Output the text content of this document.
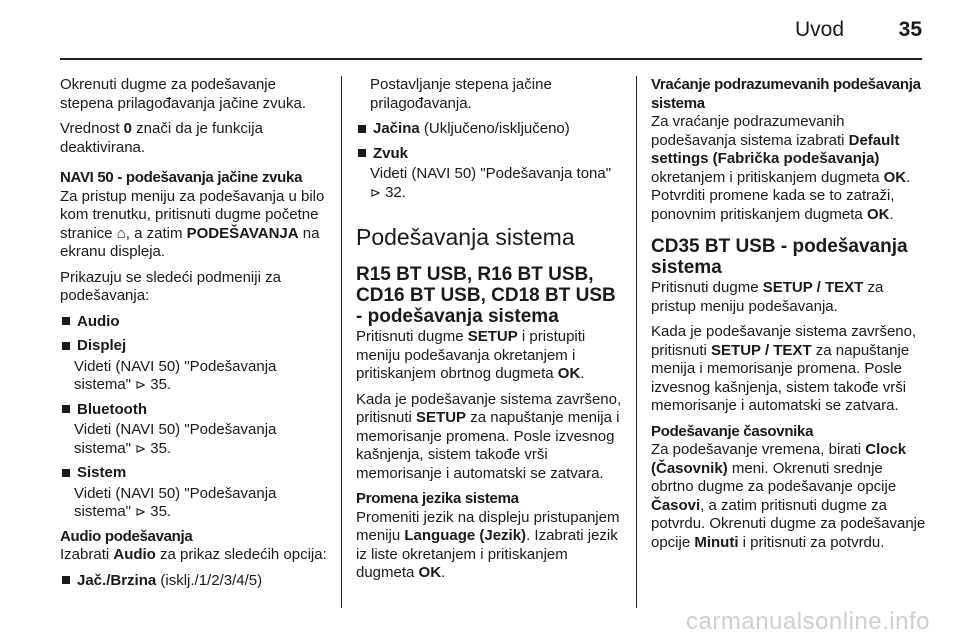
Uvod	35

Okrenuti dugme za podešavanje stepena prilagođavanja jačine zvuka.

Vrednost 0 znači da je funkcija deaktivirana.

NAVI 50 - podešavanja jačine zvuka

Za pristup meniju za podešavanja u bilo kom trenutku, pritisnuti dugme početne stranice ⌂, a zatim PODEŠAVANJA na ekranu displeja.

Prikazuju se sledeći podmeniji za podešavanja:

Audio
Displej
Videti (NAVI 50) "Podešavanja sistema" ⊳ 35.
Bluetooth
Videti (NAVI 50) "Podešavanja sistema" ⊳ 35.
Sistem
Videti (NAVI 50) "Podešavanja sistema" ⊳ 35.
Audio podešavanja

Izabrati Audio za prikaz sledećih opcija:

Jač./Brzina (isklj./1/2/3/4/5)

Postavljanje stepena jačine prilagođavanja.

Jačina (Uključeno/isključeno)
Zvuk
Videti (NAVI 50) "Podešavanja tona" ⊳ 32.
Podešavanja sistema
R15 BT USB, R16 BT USB, CD16 BT USB, CD18 BT USB - podešavanja sistema

Pritisnuti dugme SETUP i pristupiti meniju podešavanja okretanjem i pritiskanjem obrtnog dugmeta OK.

Kada je podešavanje sistema završeno, pritisnuti SETUP za napuštanje menija i memorisanje promena. Posle izvesnog kašnjenja, sistem takođe vrši memorisanje i automatski se zatvara.

Promena jezika sistema

Promeniti jezik na displeju pristupanjem meniju Language (Jezik). Izabrati jezik iz liste okretanjem i pritiskanjem dugmeta OK.

Vraćanje podrazumevanih podešavanja sistema

Za vraćanje podrazumevanih podešavanja sistema izabrati Default settings (Fabrička podešavanja) okretanjem i pritiskanjem dugmeta OK. Potvrditi promene kada se to zatraži, ponovnim pritiskanjem dugmeta OK.

CD35 BT USB - podešavanja sistema

Pritisnuti dugme SETUP / TEXT za pristup meniju podešavanja.

Kada je podešavanje sistema završeno, pritisnuti SETUP / TEXT za napuštanje menija i memorisanje promena. Posle izvesnog kašnjenja, sistem takođe vrši memorisanje i automatski se zatvara.

Podešavanje časovnika

Za podešavanje vremena, birati Clock (Časovnik) meni. Okrenuti srednje obrtno dugme za podešavanje opcije Časovi, a zatim pritisnuti dugme za potvrdu. Okrenuti dugme za podešavanje opcije Minuti i pritisnuti za potvrdu.

carmanualsonline.info
